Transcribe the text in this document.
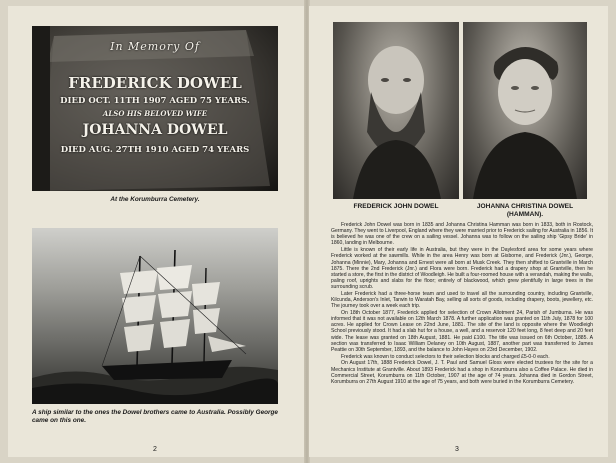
In Memory Of
FREDERICK DOWEL
DIED OCT. 11TH 1907 AGED 75 YEARS.
ALSO HIS BELOVED WIFE
JOHANNA DOWEL
DIED AUG. 27TH 1910 AGED 74 YEARS
At the Korumburra Cemetery.
A ship similar to the ones the Dowel brothers came to Australia. Possibly George came on this one.
2
FREDERICK JOHN DOWEL	JOHANNA CHRISTINA DOWEL
(HAMMAN).

Frederick John Dowel was born in 1835 and Johanna Christina Hamman was born in 1833, both in Rostock, Germany. They went to Liverpool, England where they were married prior to Frederick sailing for Australia in 1856. It is believed he was one of the crew on a sailing vessel. Johanna was to follow on the sailing ship 'Gipsy Bride' in 1860, landing in Melbourne.

Little is known of their early life in Australia, but they were in the Daylesford area for some years where Frederick worked at the sawmills. While in the area Henry was born at Gisborne, and Frederick (Jnr.), George, Johanna (Minnie), Mary, Johanna and Ernest were all born at Musk Creek. They then shifted to Grantville in March 1875. There the 2nd Frederick (Jnr.) and Flora were born. Frederick had a drapery shop at Grantville, then he started a store, the first in the district of Woodleigh. He built a four-roomed house with a verandah, making the walls, paling roof, uprights and slabs for the floor; entirely of blackwood, which grew plentifully in large trees in the surrounding scrub.

Later Frederick had a three-horse team and used to travel all the surrounding country, including Grantville, Kilcunda, Anderson's Inlet, Tarwin to Waratah Bay, selling all sorts of goods, including drapery, boots, jewellery, etc. The journey took over a week each trip.

On 18th October 1877, Frederick applied for selection of Crown Allotment 24, Parish of Jumburna. He was informed that it was not available on 12th March 1878. A further application was granted on 11th July, 1878 for 100 acres. He applied for Crown Lease on 22nd June, 1881. The site of the land is opposite where the Woodleigh School previously stood. It had a slab hut for a house, a well, and a reservoir 120 feet long, 8 feet deep and 20 feet wide. The lease was granted on 18th August, 1881. He paid £100. The title was issued on 6th October, 1885. A section was transferred to Isaac William Delaney on 10th August, 1887, another part was transferred to James Peattie on 30th September, 1893, and the balance to John Hayes on 23rd December, 1902.

Frederick was known to conduct selectors to their selection blocks and charged £5-0-0 each.

On August 17th, 1888 Frederick Dowel, J. T. Paul and Samuel Gloss were elected trustees for the site for a Mechanics Institute at Grantville. About 1893 Frederick had a shop in Korumburra also a Coffee Palace. He died in Commercial Street, Korumburra on 11th October, 1907 at the age of 74 years. Johanna died in Gordon Street, Korumburra on 27th August 1910 at the age of 75 years, and both were buried in the Korumburra Cemetery.

3
